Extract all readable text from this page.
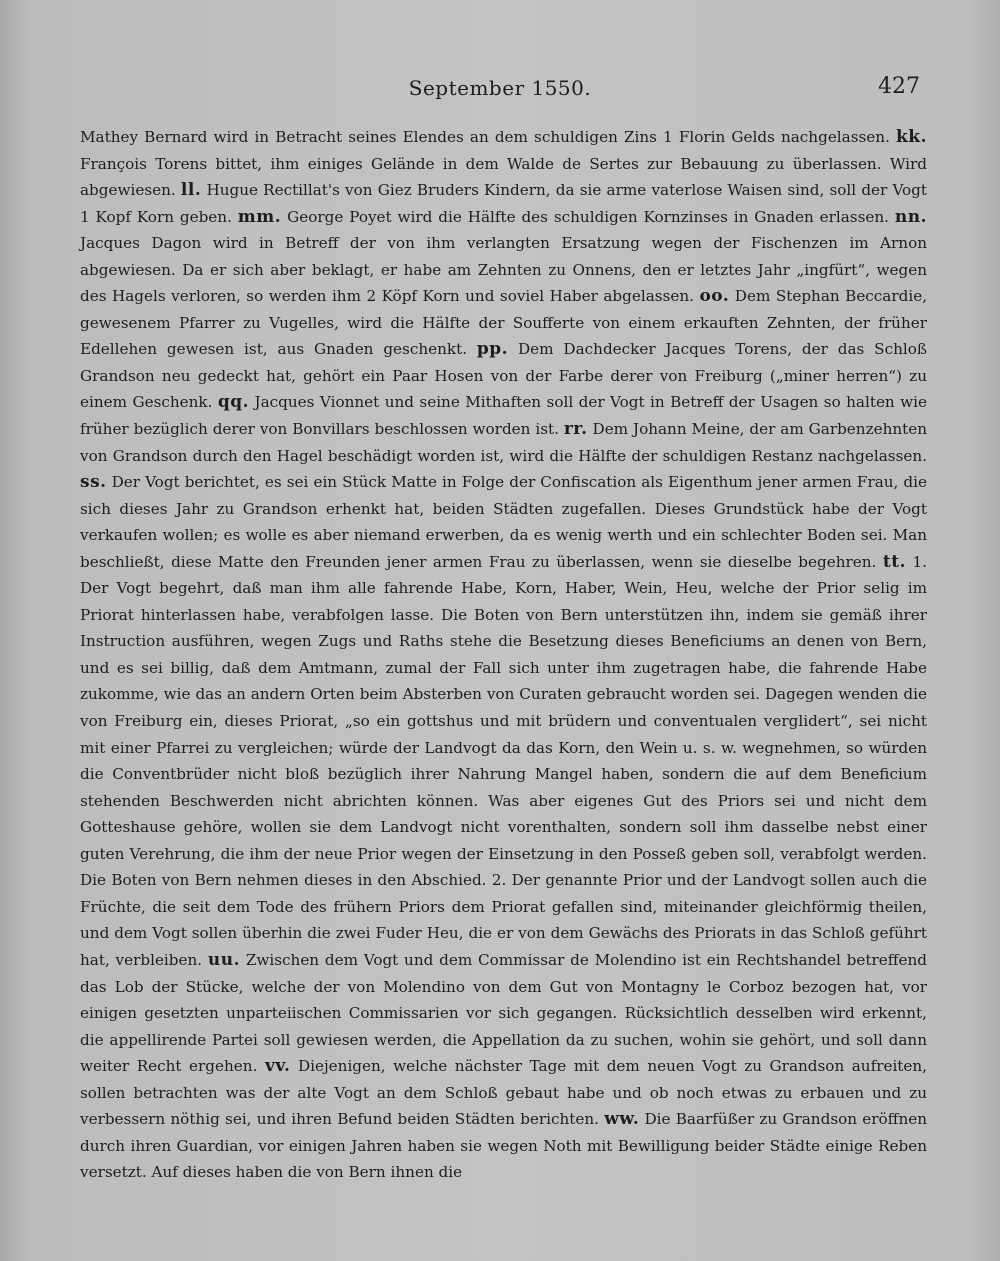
September 1550.	427

Mathey Bernard wird in Betracht seines Elendes an dem schuldigen Zins 1 Florin Gelds nachgelassen. kk. François Torens bittet, ihm einiges Gelände in dem Walde de Sertes zur Bebauung zu überlassen. Wird abgewiesen. ll. Hugue Rectillat's von Giez Bruders Kindern, da sie arme vaterlose Waisen sind, soll der Vogt 1 Kopf Korn geben. mm. George Poyet wird die Hälfte des schuldigen Kornzinses in Gnaden erlassen. nn. Jacques Dagon wird in Betreff der von ihm verlangten Ersatzung wegen der Fischenzen im Arnon abgewiesen. Da er sich aber beklagt, er habe am Zehnten zu Onnens, den er letztes Jahr „ingfürt“, wegen des Hagels verloren, so werden ihm 2 Köpf Korn und soviel Haber abgelassen. oo. Dem Stephan Beccardie, gewesenem Pfarrer zu Vugelles, wird die Hälfte der Soufferte von einem erkauften Zehnten, der früher Edellehen gewesen ist, aus Gnaden geschenkt. pp. Dem Dachdecker Jacques Torens, der das Schloß Grandson neu gedeckt hat, gehört ein Paar Hosen von der Farbe derer von Freiburg („miner herren“) zu einem Geschenk. qq. Jacques Vionnet und seine Mithaften soll der Vogt in Betreff der Usagen so halten wie früher bezüglich derer von Bonvillars beschlossen worden ist. rr. Dem Johann Meine, der am Garbenzehnten von Grandson durch den Hagel beschädigt worden ist, wird die Hälfte der schuldigen Restanz nachgelassen. ss. Der Vogt berichtet, es sei ein Stück Matte in Folge der Confiscation als Eigenthum jener armen Frau, die sich dieses Jahr zu Grandson erhenkt hat, beiden Städten zugefallen. Dieses Grundstück habe der Vogt verkaufen wollen; es wolle es aber niemand erwerben, da es wenig werth und ein schlechter Boden sei. Man beschließt, diese Matte den Freunden jener armen Frau zu überlassen, wenn sie dieselbe begehren. tt. 1. Der Vogt begehrt, daß man ihm alle fahrende Habe, Korn, Haber, Wein, Heu, welche der Prior selig im Priorat hinterlassen habe, verabfolgen lasse. Die Boten von Bern unterstützen ihn, indem sie gemäß ihrer Instruction ausführen, wegen Zugs und Raths stehe die Besetzung dieses Beneficiums an denen von Bern, und es sei billig, daß dem Amtmann, zumal der Fall sich unter ihm zugetragen habe, die fahrende Habe zukomme, wie das an andern Orten beim Absterben von Curaten gebraucht worden sei. Dagegen wenden die von Freiburg ein, dieses Priorat, „so ein gottshus und mit brüdern und conventualen verglidert“, sei nicht mit einer Pfarrei zu vergleichen; würde der Landvogt da das Korn, den Wein u. s. w. wegnehmen, so würden die Conventbrüder nicht bloß bezüglich ihrer Nahrung Mangel haben, sondern die auf dem Beneficium stehenden Beschwerden nicht abrichten können. Was aber eigenes Gut des Priors sei und nicht dem Gotteshause gehöre, wollen sie dem Landvogt nicht vorenthalten, sondern soll ihm dasselbe nebst einer guten Verehrung, die ihm der neue Prior wegen der Einsetzung in den Posseß geben soll, verabfolgt werden. Die Boten von Bern nehmen dieses in den Abschied. 2. Der genannte Prior und der Landvogt sollen auch die Früchte, die seit dem Tode des frühern Priors dem Priorat gefallen sind, miteinander gleichförmig theilen, und dem Vogt sollen überhin die zwei Fuder Heu, die er von dem Gewächs des Priorats in das Schloß geführt hat, verbleiben. uu. Zwischen dem Vogt und dem Commissar de Molendino ist ein Rechtshandel betreffend das Lob der Stücke, welche der von Molendino von dem Gut von Montagny le Corboz bezogen hat, vor einigen gesetzten unparteiischen Commissarien vor sich gegangen. Rücksichtlich desselben wird erkennt, die appellirende Partei soll gewiesen werden, die Appellation da zu suchen, wohin sie gehört, und soll dann weiter Recht ergehen. vv. Diejenigen, welche nächster Tage mit dem neuen Vogt zu Grandson aufreiten, sollen betrachten was der alte Vogt an dem Schloß gebaut habe und ob noch etwas zu erbauen und zu verbessern nöthig sei, und ihren Befund beiden Städten berichten. ww. Die Baarfüßer zu Grandson eröffnen durch ihren Guardian, vor einigen Jahren haben sie wegen Noth mit Bewilligung beider Städte einige Reben versetzt. Auf dieses haben die von Bern ihnen die
